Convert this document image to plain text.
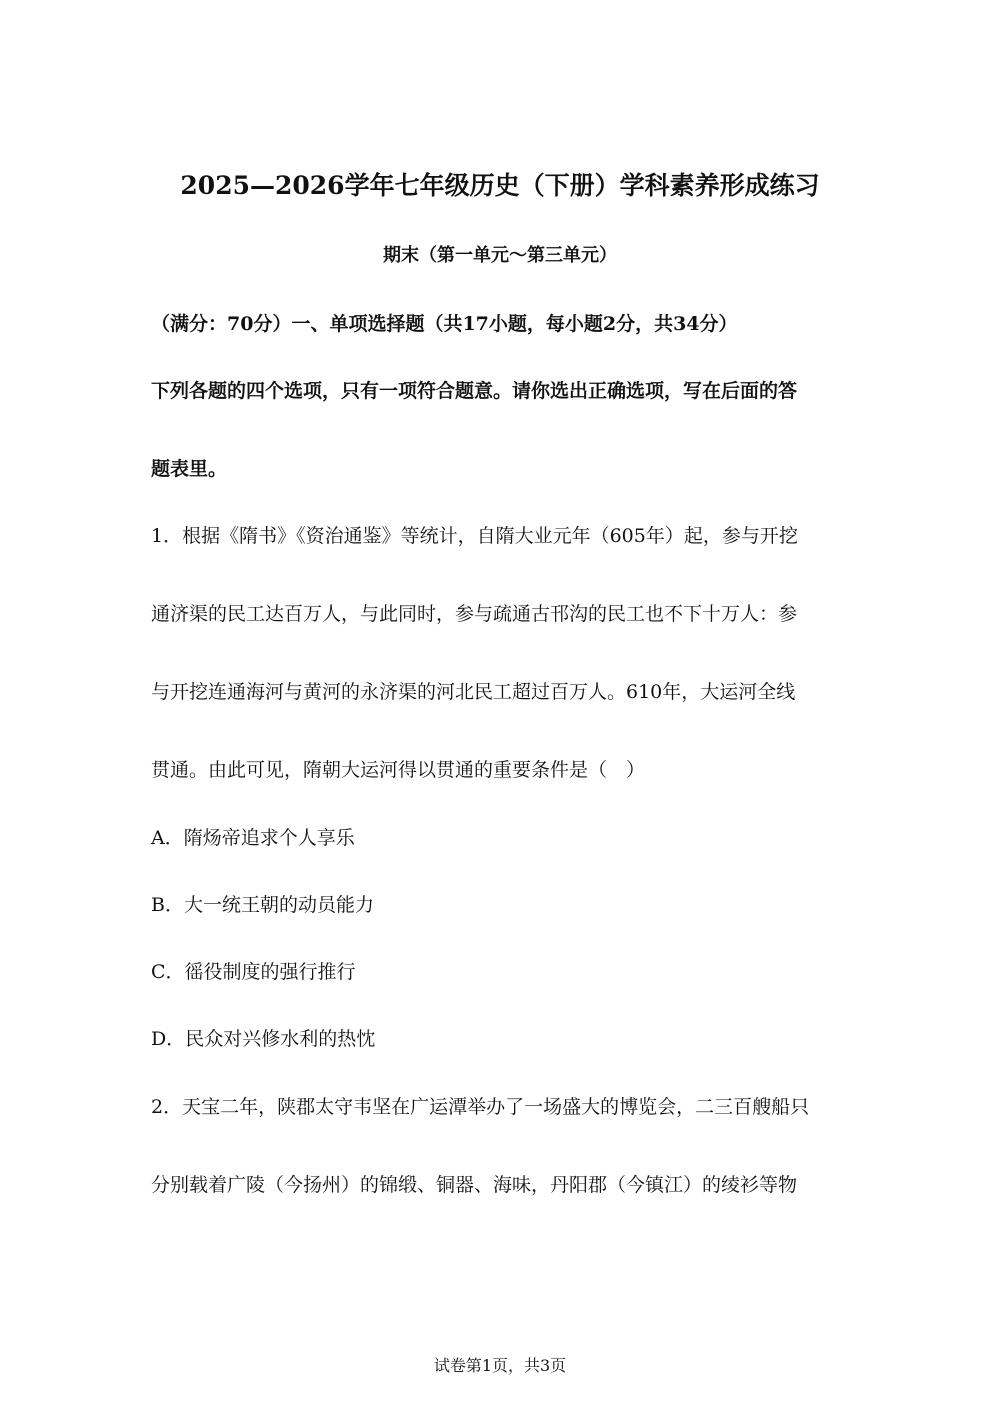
2025—2026学年七年级历史（下册）学科素养形成练习
期末（第一单元～第三单元）
（满分：70分）一、单项选择题（共17小题，每小题2分，共34分）
下列各题的四个选项，只有一项符合题意。请你选出正确选项，写在后面的答
题表里。
1．根据《隋书》《资治通鉴》等统计，自隋大业元年（605年）起，参与开挖
通济渠的民工达百万人，与此同时，参与疏通古邗沟的民工也不下十万人：参
与开挖连通海河与黄河的永济渠的河北民工超过百万人。610年，大运河全线
贯通。由此可见，隋朝大运河得以贯通的重要条件是（　）
A．隋炀帝追求个人享乐
B．大一统王朝的动员能力
C．徭役制度的强行推行
D．民众对兴修水利的热忱
2．天宝二年，陕郡太守韦坚在广运潭举办了一场盛大的博览会，二三百艘船只
分别载着广陵（今扬州）的锦缎、铜器、海味，丹阳郡（今镇江）的绫衫等物
试卷第1页，共3页
